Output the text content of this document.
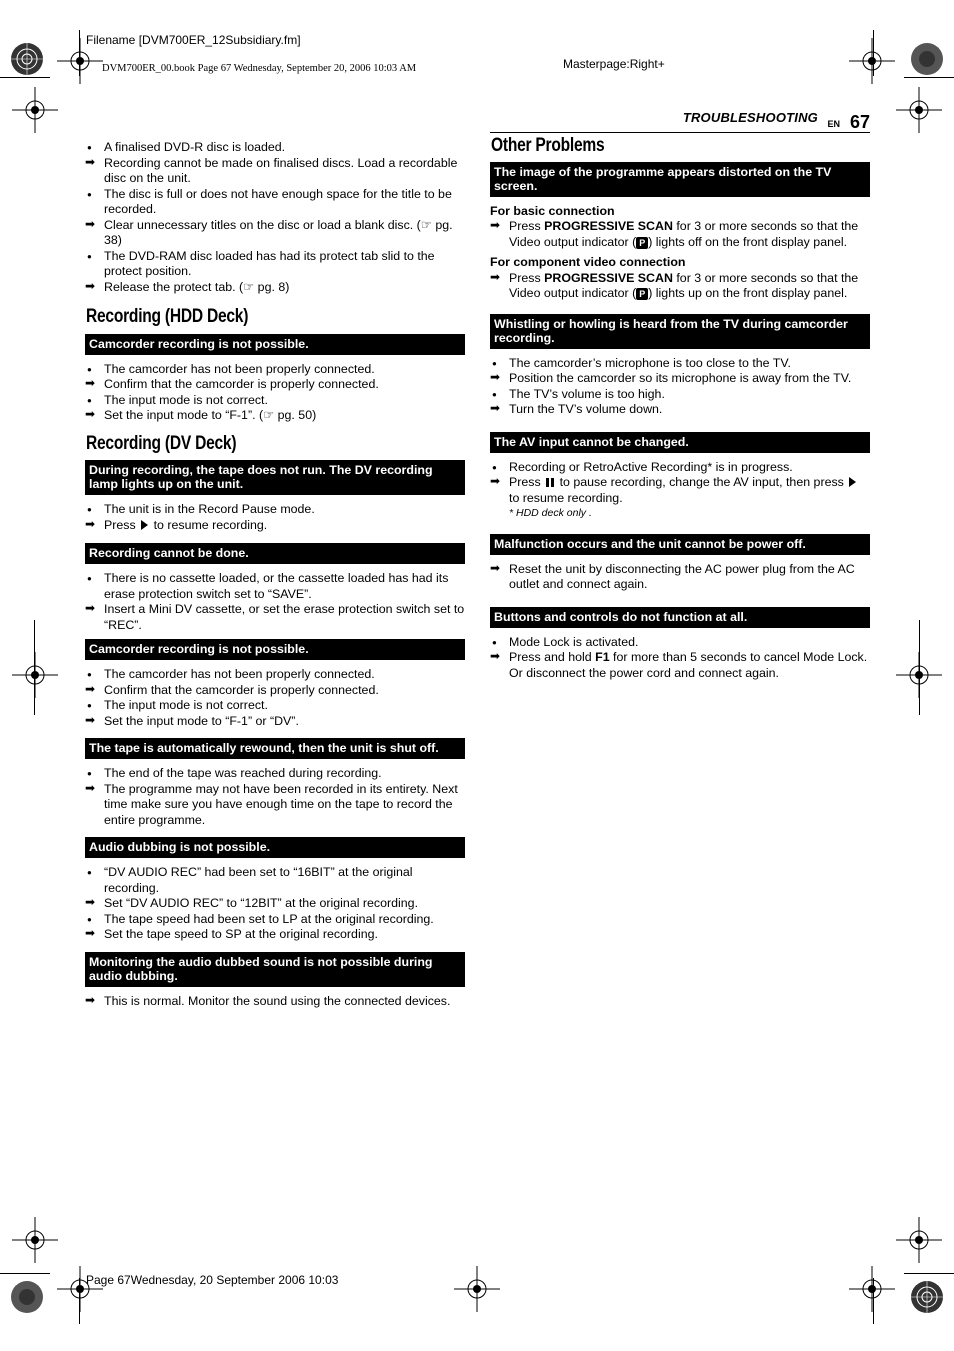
Filename [DVM700ER_12Subsidiary.fm]
DVM700ER_00.book Page 67 Wednesday, September 20, 2006 10:03 AM	Masterpage:Right+
Page 67Wednesday, 20 September 2006 10:03
TROUBLESHOOTING EN 67
A finalised DVD-R disc is loaded.
Recording cannot be made on finalised discs. Load a recordable disc on the unit.
The disc is full or does not have enough space for the title to be recorded.
Clear unnecessary titles on the disc or load a blank disc. (☞ pg. 38)
The DVD-RAM disc loaded has had its protect tab slid to the protect position.
Release the protect tab. (☞ pg. 8)
Recording (HDD Deck)
Camcorder recording is not possible.
The camcorder has not been properly connected.
Confirm that the camcorder is properly connected.
The input mode is not correct.
Set the input mode to “F-1”. (☞ pg. 50)
Recording (DV Deck)
During recording, the tape does not run. The DV recording lamp lights up on the unit.
The unit is in the Record Pause mode.
Press to resume recording.
Recording cannot be done.
There is no cassette loaded, or the cassette loaded has had its erase protection switch set to “SAVE”.
Insert a Mini DV cassette, or set the erase protection switch set to “REC”.
Camcorder recording is not possible.
The camcorder has not been properly connected.
Confirm that the camcorder is properly connected.
The input mode is not correct.
Set the input mode to “F-1” or “DV”.
The tape is automatically rewound, then the unit is shut off.
The end of the tape was reached during recording.
The programme may not have been recorded in its entirety. Next time make sure you have enough time on the tape to record the entire programme.
Audio dubbing is not possible.
“DV AUDIO REC” had been set to “16BIT” at the original recording.
Set “DV AUDIO REC” to “12BIT” at the original recording.
The tape speed had been set to LP at the original recording.
Set the tape speed to SP at the original recording.
Monitoring the audio dubbed sound is not possible during audio dubbing.
This is normal. Monitor the sound using the connected devices.
Other Problems
The image of the programme appears distorted on the TV screen.
For basic connection
Press PROGRESSIVE SCAN for 3 or more seconds so that the Video output indicator ( P ) lights off on the front display panel.
For component video connection
Press PROGRESSIVE SCAN for 3 or more seconds so that the Video output indicator ( P ) lights up on the front display panel.
Whistling or howling is heard from the TV during camcorder recording.
The camcorder’s microphone is too close to the TV.
Position the camcorder so its microphone is away from the TV.
The TV’s volume is too high.
Turn the TV’s volume down.
The AV input cannot be changed.
Recording or RetroActive Recording* is in progress.
Press to pause recording, change the AV input, then press  to resume recording.
* HDD deck only .
Malfunction occurs and the unit cannot be power off.
Reset the unit by disconnecting the AC power plug from the AC outlet and connect again.
Buttons and controls do not function at all.
Mode Lock is activated.
Press and hold F1 for more than 5 seconds to cancel Mode Lock. Or disconnect the power cord and connect again.
